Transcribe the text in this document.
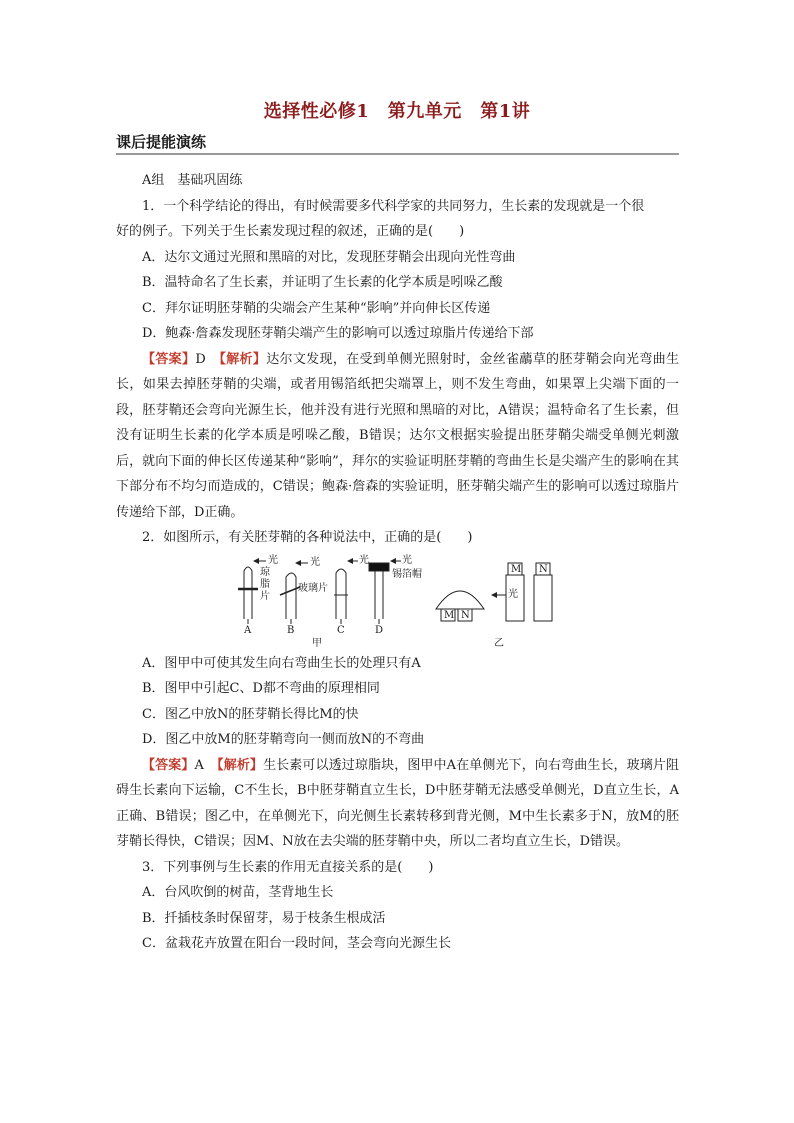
选择性必修1　第九单元　第1讲
课后提能演练

A组　基础巩固练

1．一个科学结论的得出，有时候需要多代科学家的共同努力，生长素的发现就是一个很

好的例子。下列关于生长素发现过程的叙述，正确的是(　　)

A．达尔文通过光照和黑暗的对比，发现胚芽鞘会出现向光性弯曲

B．温特命名了生长素，并证明了生长素的化学本质是吲哚乙酸

C．拜尔证明胚芽鞘的尖端会产生某种“影响”并向伸长区传递

D．鲍森·詹森发现胚芽鞘尖端产生的影响可以透过琼脂片传递给下部

【答案】D　【解析】达尔文发现，在受到单侧光照射时，金丝雀虉草的胚芽鞘会向光弯曲生长，如果去掉胚芽鞘的尖端，或者用锡箔纸把尖端罩上，则不发生弯曲，如果罩上尖端下面的一段，胚芽鞘还会弯向光源生长，他并没有进行光照和黑暗的对比，A错误；温特命名了生长素，但没有证明生长素的化学本质是吲哚乙酸，B错误；达尔文根据实验提出胚芽鞘尖端受单侧光刺激后，就向下面的伸长区传递某种“影响”，拜尔的实验证明胚芽鞘的弯曲生长是尖端产生的影响在其下部分布不均匀而造成的，C错误；鲍森·詹森的实验证明，胚芽鞘尖端产生的影响可以透过琼脂片传递给下部，D正确。

2．如图所示，有关胚芽鞘的各种说法中，正确的是(　　)

光
琼
脂
片
光
玻璃片
光	光
锡箔帽
A	B	C	D
甲
M N
光
M N
乙

A．图甲中可使其发生向右弯曲生长的处理只有A

B．图甲中引起C、D都不弯曲的原理相同

C．图乙中放N的胚芽鞘长得比M的快

D．图乙中放M的胚芽鞘弯向一侧而放N的不弯曲

【答案】A　【解析】生长素可以透过琼脂块，图甲中A在单侧光下，向右弯曲生长，玻璃片阻碍生长素向下运输，C不生长，B中胚芽鞘直立生长，D中胚芽鞘无法感受单侧光，D直立生长，A正确、B错误；图乙中，在单侧光下，向光侧生长素转移到背光侧，M中生长素多于N，放M的胚芽鞘长得快，C错误；因M、N放在去尖端的胚芽鞘中央，所以二者均直立生长，D错误。

3．下列事例与生长素的作用无直接关系的是(　　)

A．台风吹倒的树苗，茎背地生长

B．扦插枝条时保留芽，易于枝条生根成活

C．盆栽花卉放置在阳台一段时间，茎会弯向光源生长
